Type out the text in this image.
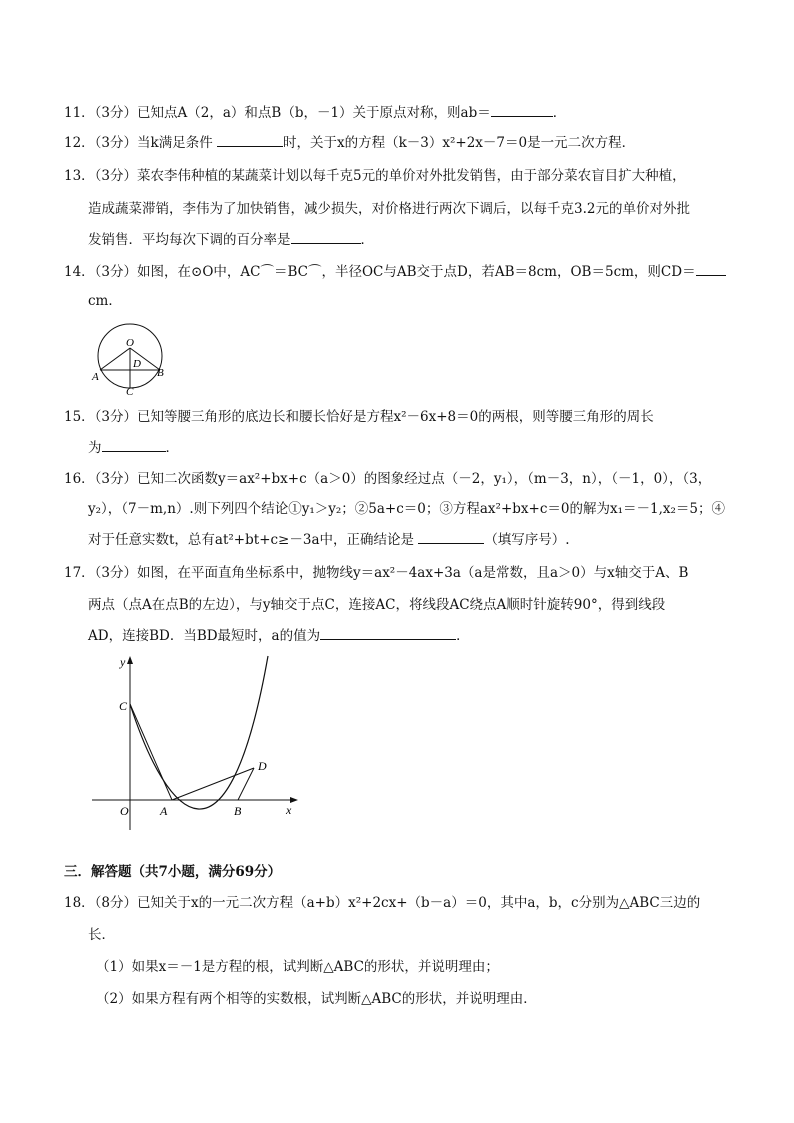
11．（3分）已知点A（2，a）和点B（b，－1）关于原点对称，则ab＝	．
12．（3分）当k满足条件	时，关于x的方程（k－3）x²+2x－7＝0是一元二次方程．
13．（3分）菜农李伟种植的某蔬菜计划以每千克5元的单价对外批发销售，由于部分菜农盲目扩大种植，
造成蔬菜滞销，李伟为了加快销售，减少损失，对价格进行两次下调后，以每千克3.2元的单价对外批
发销售．平均每次下调的百分率是	．
14．（3分）如图，在⊙O中，AC⌒＝BC⌒，半径OC与AB交于点D，若AB＝8cm，OB＝5cm，则CD＝
cm．
O
D
A	B
C
15．（3分）已知等腰三角形的底边长和腰长恰好是方程x²－6x+8＝0的两根，则等腰三角形的周长
为	．
16．（3分）已知二次函数y＝ax²+bx+c（a＞0）的图象经过点（－2，y₁），（m－3，n），（－1，0），（3，
y₂），（7－m,n）.则下列四个结论①y₁＞y₂；②5a+c＝0；③方程ax²+bx+c＝0的解为x₁＝－1,x₂＝5；④
对于任意实数t，总有at²+bt+c≥－3a中，正确结论是	（填写序号）.
17．（3分）如图，在平面直角坐标系中，抛物线y＝ax²－4ax+3a（a是常数，且a＞0）与x轴交于A、B
两点（点A在点B的左边），与y轴交于点C，连接AC，将线段AC绕点A顺时针旋转90°，得到线段
AD，连接BD．当BD最短时，a的值为	．
y
x
C
D
O	A	B
三．解答题（共7小题，满分69分）
18．（8分）已知关于x的一元二次方程（a+b）x²+2cx+（b－a）＝0，其中a，b，c分别为△ABC三边的
长．
（1）如果x＝－1是方程的根，试判断△ABC的形状，并说明理由；
（2）如果方程有两个相等的实数根，试判断△ABC的形状，并说明理由．
